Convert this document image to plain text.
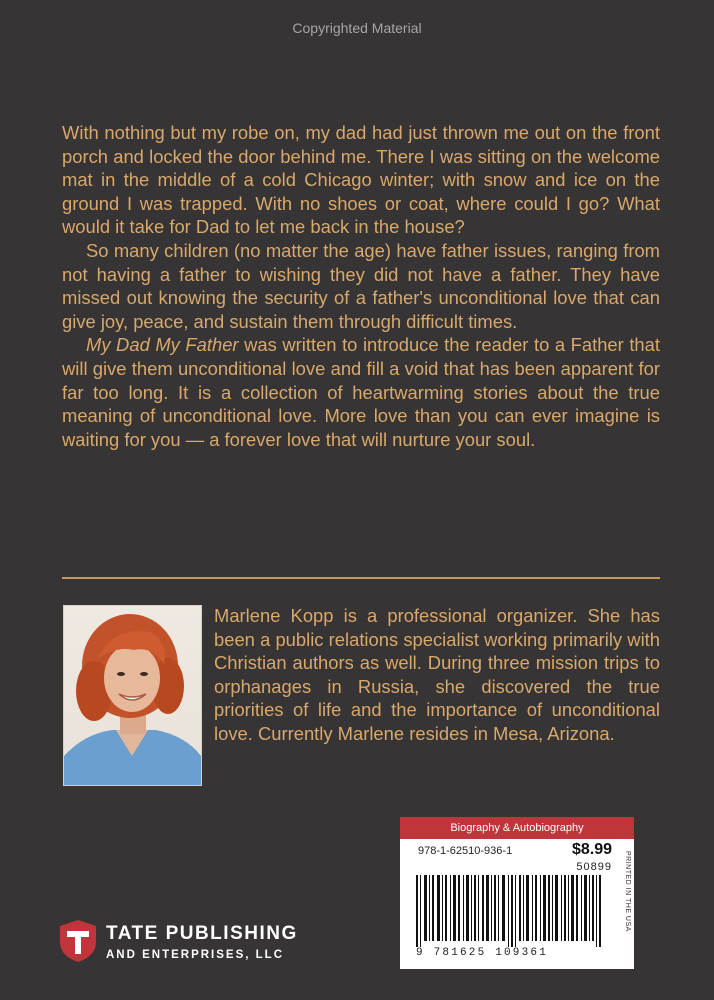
Copyrighted Material

With nothing but my robe on, my dad had just thrown me out on the front porch and locked the door behind me. There I was sitting on the welcome mat in the middle of a cold Chicago winter; with snow and ice on the ground I was trapped. With no shoes or coat, where could I go? What would it take for Dad to let me back in the house?

So many children (no matter the age) have father issues, ranging from not having a father to wishing they did not have a father. They have missed out knowing the security of a father's unconditional love that can give joy, peace, and sustain them through difficult times.

My Dad My Father was written to introduce the reader to a Father that will give them unconditional love and fill a void that has been apparent for far too long. It is a collection of heartwarming stories about the true meaning of unconditional love. More love than you can ever imagine is waiting for you — a forever love that will nurture your soul.

Marlene Kopp is a professional organizer. She has been a public relations specialist working primarily with Christian authors as well. During three mission trips to orphanages in Russia, she discovered the true priorities of life and the importance of unconditional love. Currently Marlene resides in Mesa, Arizona.
Biography & Autobiography
978-1-62510-936-1	$8.99
50899
9 781625 109361
PRINTED IN THE USA
TATE PUBLISHING
AND ENTERPRISES, LLC
